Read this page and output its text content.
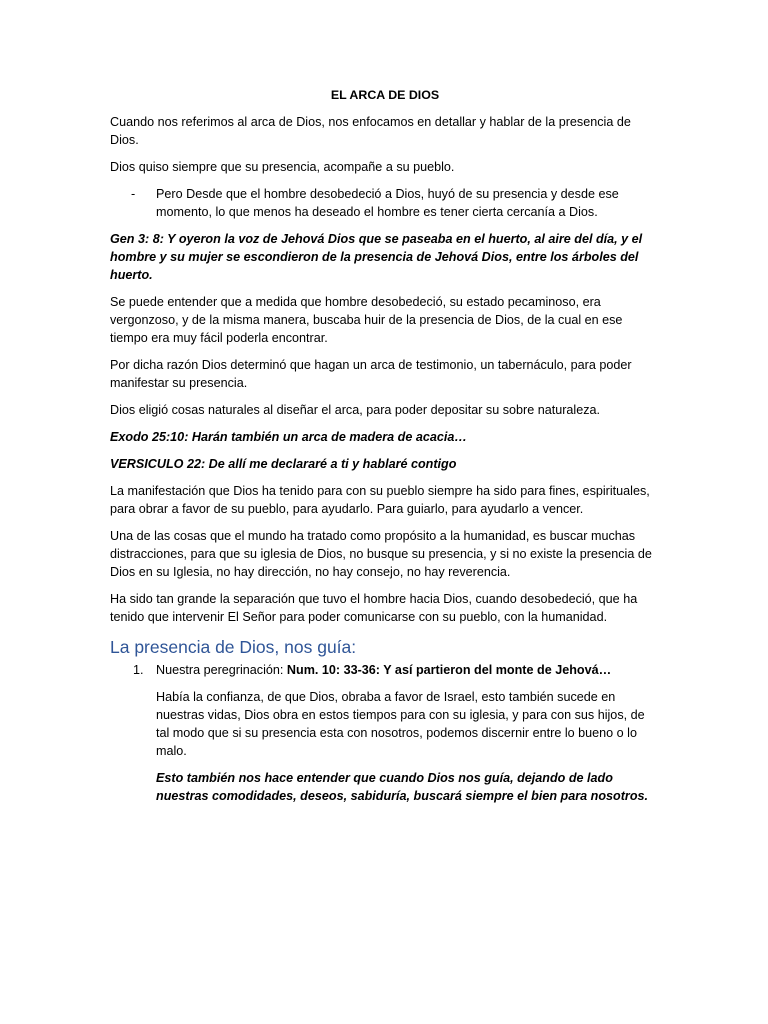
EL ARCA DE DIOS

Cuando nos referimos al arca de Dios, nos enfocamos en detallar y hablar de la presencia de Dios.

Dios quiso siempre que su presencia, acompañe a su pueblo.

-	Pero Desde que el hombre desobedeció a Dios, huyó de su presencia y desde ese momento, lo que menos ha deseado el hombre es tener cierta cercanía a Dios.

Gen 3: 8: Y oyeron la voz de Jehová Dios que se paseaba en el huerto, al aire del día, y el hombre y su mujer se escondieron de la presencia de Jehová Dios, entre los árboles del huerto.

Se puede entender que a medida que hombre desobedeció, su estado pecaminoso, era vergonzoso, y de la misma manera, buscaba huir de la presencia de Dios, de la cual en ese tiempo era muy fácil poderla encontrar.

Por dicha razón Dios determinó que hagan un arca de testimonio, un tabernáculo, para poder manifestar su presencia.

Dios eligió cosas naturales al diseñar el arca, para poder depositar su sobre naturaleza.

Exodo 25:10: Harán también un arca de madera de acacia…

VERSICULO 22: De allí me declararé a ti y hablaré contigo

La manifestación que Dios ha tenido para con su pueblo siempre ha sido para fines, espirituales, para obrar a favor de su pueblo, para ayudarlo. Para guiarlo, para ayudarlo a vencer.

Una de las cosas que el mundo ha tratado como propósito a la humanidad, es buscar muchas distracciones, para que su iglesia de Dios, no busque su presencia, y si no existe la presencia de Dios en su Iglesia, no hay dirección, no hay consejo, no hay reverencia.

Ha sido tan grande la separación que tuvo el hombre hacia Dios, cuando desobedeció, que ha tenido que intervenir El Señor para poder comunicarse con su pueblo, con la humanidad.

La presencia de Dios, nos guía:
1. Nuestra peregrinación: Num. 10: 33-36: Y así partieron del monte de Jehová…

Había la confianza, de que Dios, obraba a favor de Israel, esto también sucede en nuestras vidas, Dios obra en estos tiempos para con su iglesia, y para con sus hijos, de tal modo que si su presencia esta con nosotros, podemos discernir entre lo bueno o lo malo.

Esto también nos hace entender que cuando Dios nos guía, dejando de lado nuestras comodidades, deseos, sabiduría, buscará siempre el bien para nosotros.
